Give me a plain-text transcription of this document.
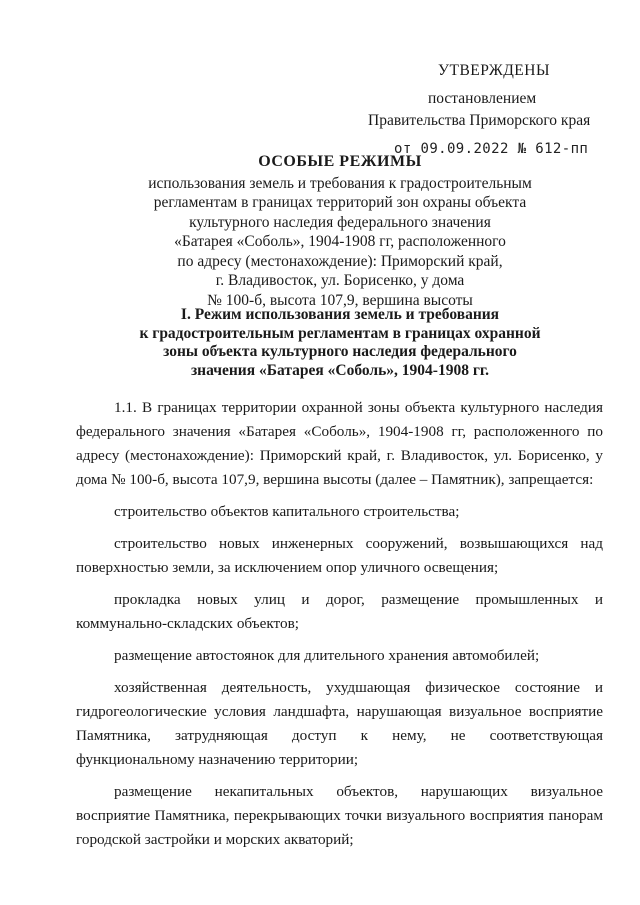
УТВЕРЖДЕНЫ
постановлением
Правительства Приморского края
от 09.09.2022 № 612-пп
ОСОБЫЕ РЕЖИМЫ
использования земель и требования к градостроительным
регламентам в границах территорий зон охраны объекта
культурного наследия федерального значения
«Батарея «Соболь», 1904-1908 гг, расположенного
по адресу (местонахождение): Приморский край,
г. Владивосток, ул. Борисенко, у дома
№ 100-б, высота 107,9, вершина высоты
I. Режим использования земель и требования
к градостроительным регламентам в границах охранной
зоны объекта культурного наследия федерального
значения «Батарея «Соболь», 1904-1908 гг.

1.1. В границах территории охранной зоны объекта культурного наследия федерального значения «Батарея «Соболь», 1904-1908 гг, расположенного по адресу (местонахождение): Приморский край, г. Владивосток, ул. Борисенко, у дома № 100-б, высота 107,9, вершина высоты (далее – Памятник), запрещается:

строительство объектов капитального строительства;

строительство новых инженерных сооружений, возвышающихся над поверхностью земли, за исключением опор уличного освещения;

прокладка новых улиц и дорог, размещение промышленных и коммунально-складских объектов;

размещение автостоянок для длительного хранения автомобилей;

хозяйственная деятельность, ухудшающая физическое состояние и гидрогеологические условия ландшафта, нарушающая визуальное восприятие Памятника, затрудняющая доступ к нему, не соответствующая функциональному назначению территории;

размещение некапитальных объектов, нарушающих визуальное восприятие Памятника, перекрывающих точки визуального восприятия панорам городской застройки и морских акваторий;
